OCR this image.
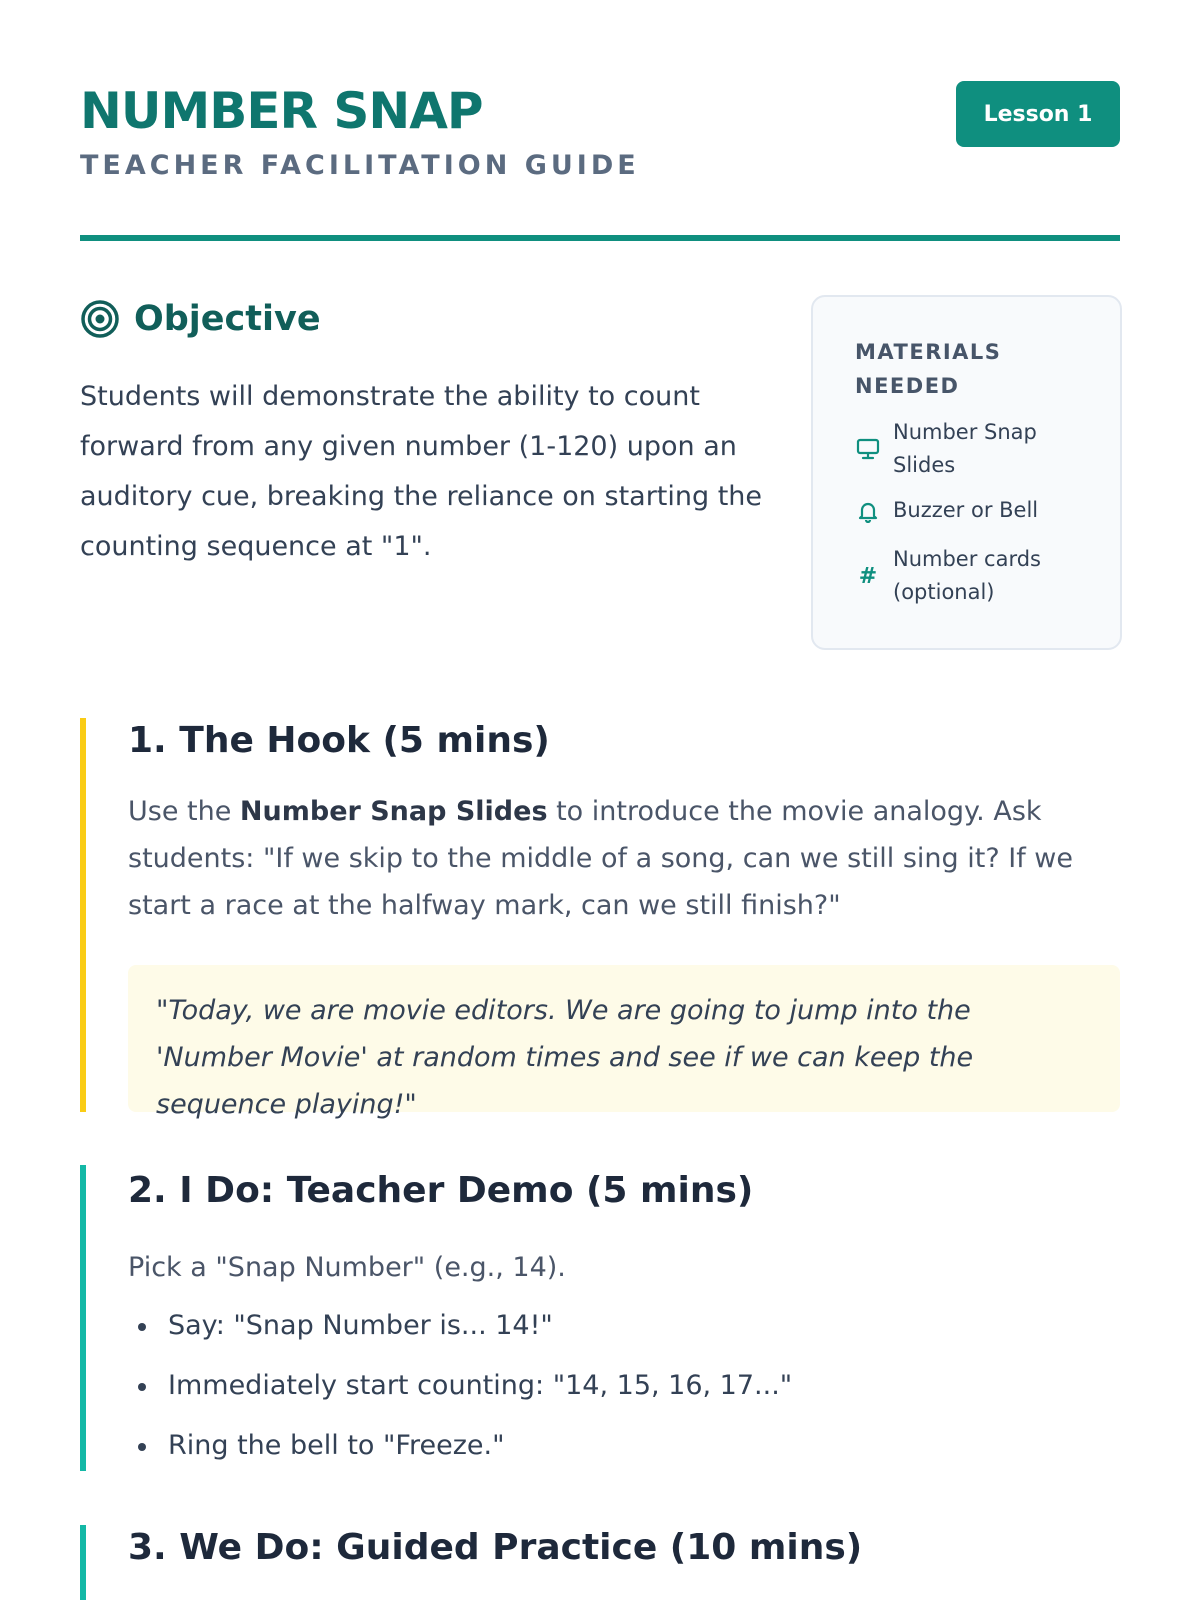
NUMBER SNAP
TEACHER FACILITATION GUIDE
Lesson 1
Objective

Students will demonstrate the ability to count forward from any given number (1-120) upon an auditory cue, breaking the reliance on starting the counting sequence at "1".

MATERIALS NEEDED
Number Snap Slides
Buzzer or Bell
#
Number cards (optional)
1. The Hook (5 mins)

Use the Number Snap Slides to introduce the movie analogy. Ask students: "If we skip to the middle of a song, can we still sing it? If we start a race at the halfway mark, can we still finish?"

"Today, we are movie editors. We are going to jump into the 'Number Movie' at random times and see if we can keep the sequence playing!"
2. I Do: Teacher Demo (5 mins)

Pick a "Snap Number" (e.g., 14).

Say: "Snap Number is... 14!"
Immediately start counting: "14, 15, 16, 17..."
Ring the bell to "Freeze."
3. We Do: Guided Practice (10 mins)
